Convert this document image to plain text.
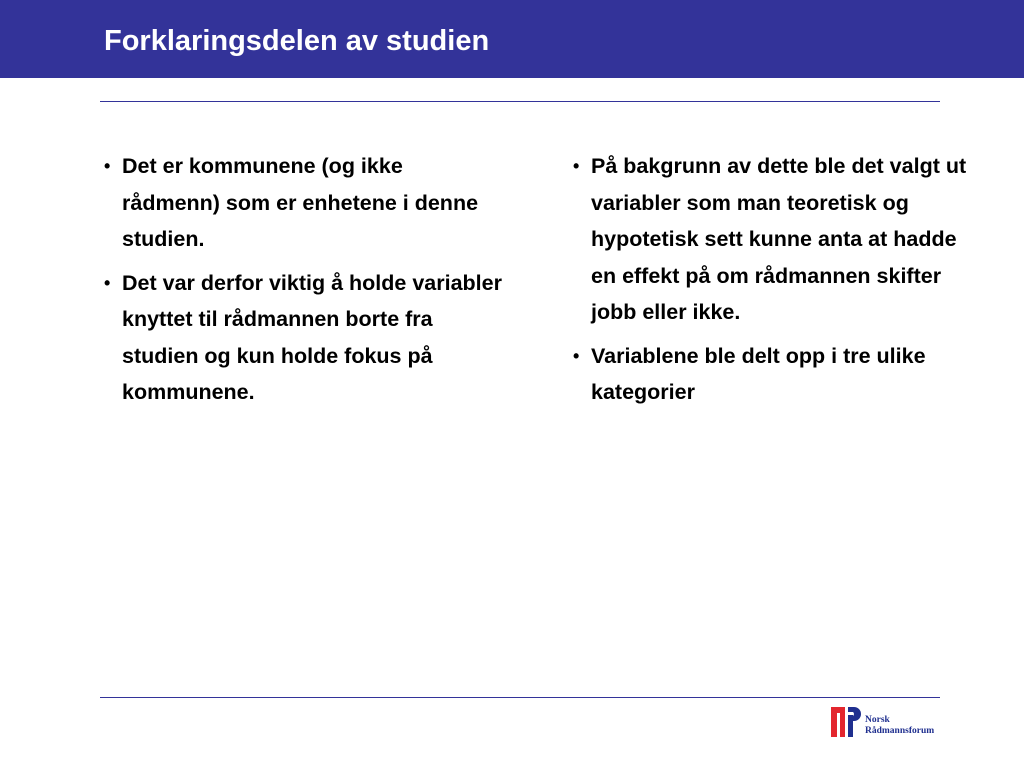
Forklaringsdelen av studien
• Det er kommunene (og ikke rådmenn) som er enhetene i denne studien.
• Det var derfor viktig å holde variabler knyttet til rådmannen borte fra studien og kun holde fokus på kommunene.
• På bakgrunn av dette ble det valgt ut variabler som man teoretisk og hypotetisk sett kunne anta at hadde en effekt på om rådmannen skifter jobb eller ikke.
• Variablene ble delt opp i tre ulike kategorier
Norsk
Rådmannsforum
